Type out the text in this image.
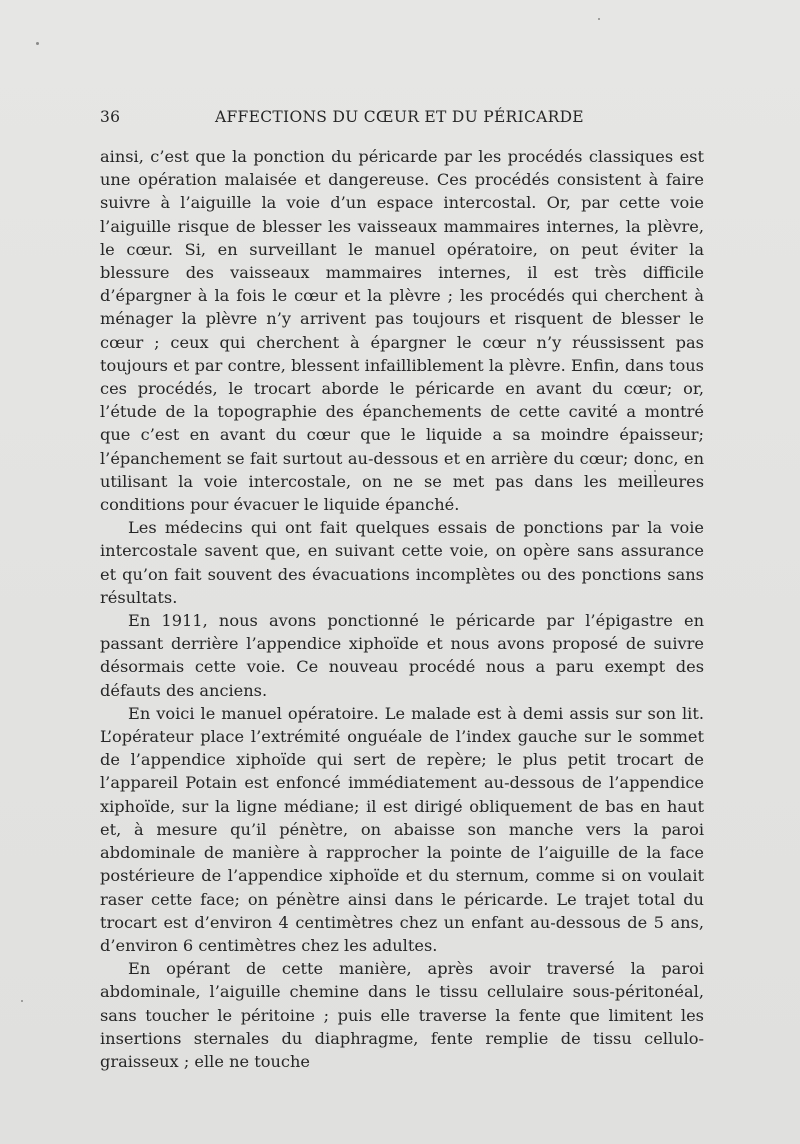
36	AFFECTIONS DU CŒUR ET DU PÉRICARDE

ainsi, c’est que la ponction du péricarde par les procédés classiques est une opération malaisée et dangereuse. Ces procédés consistent à faire suivre à l’aiguille la voie d’un espace intercostal. Or, par cette voie l’aiguille risque de blesser les vaisseaux mammaires internes, la plèvre, le cœur. Si, en surveillant le manuel opératoire, on peut éviter la blessure des vaisseaux mammaires internes, il est très difficile d’épargner à la fois le cœur et la plèvre ; les procédés qui cherchent à ménager la plèvre n’y arrivent pas toujours et risquent de blesser le cœur ; ceux qui cherchent à épargner le cœur n’y réussissent pas toujours et par contre, blessent infailliblement la plèvre. Enfin, dans tous ces procédés, le trocart aborde le péricarde en avant du cœur; or, l’étude de la topographie des épanchements de cette cavité a montré que c’est en avant du cœur que le liquide a sa moindre épaisseur; l’épanchement se fait surtout au-dessous et en arrière du cœur; donc, en utilisant la voie intercostale, on ne se met pas dans les meilleures conditions pour évacuer le liquide épanché.

Les médecins qui ont fait quelques essais de ponctions par la voie intercostale savent que, en suivant cette voie, on opère sans assurance et qu’on fait souvent des évacuations incomplètes ou des ponctions sans résultats.

En 1911, nous avons ponctionné le péricarde par l’épigastre en passant derrière l’appendice xiphoïde et nous avons proposé de suivre désormais cette voie. Ce nouveau procédé nous a paru exempt des défauts des anciens.

En voici le manuel opératoire. Le malade est à demi assis sur son lit. L’opérateur place l’extrémité onguéale de l’index gauche sur le sommet de l’appendice xiphoïde qui sert de repère; le plus petit trocart de l’appareil Potain est enfoncé immédiatement au-dessous de l’appendice xiphoïde, sur la ligne médiane; il est dirigé obliquement de bas en haut et, à mesure qu’il pénètre, on abaisse son manche vers la paroi abdominale de manière à rapprocher la pointe de l’aiguille de la face postérieure de l’appendice xiphoïde et du sternum, comme si on voulait raser cette face; on pénètre ainsi dans le péricarde. Le trajet total du trocart est d’environ 4 centimètres chez un enfant au-dessous de 5 ans, d’environ 6 centimètres chez les adultes.

En opérant de cette manière, après avoir traversé la paroi abdominale, l’aiguille chemine dans le tissu cellulaire sous-péritonéal, sans toucher le péritoine ; puis elle traverse la fente que limitent les insertions sternales du diaphragme, fente remplie de tissu cellulo-graisseux ; elle ne touche
